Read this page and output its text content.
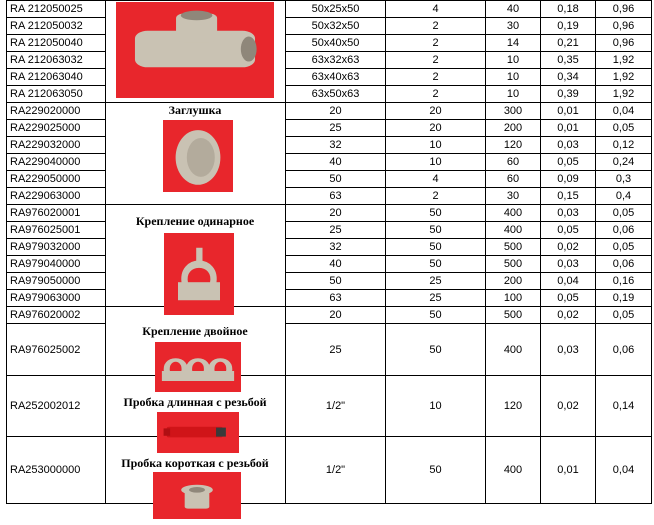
RA 212050025	50x25x50	4	40	0,18	0,96
RA 212050032	50x32x50	2	30	0,19	0,96
RA 212050040	50x40x50	2	14	0,21	0,96
RA 212063032	63x32x63	2	10	0,35	1,92
RA 212063040	63x40x63	2	10	0,34	1,92
RA 212063050	63x50x63	2	10	0,39	1,92
RA229020000	20	20	300	0,01	0,04
RA229025000	25	20	200	0,01	0,05
RA229032000	32	10	120	0,03	0,12
RA229040000	40	10	60	0,05	0,24
RA229050000	50	4	60	0,09	0,3
RA229063000	63	2	30	0,15	0,4
RA976020001	20	50	400	0,03	0,05
RA976025001	25	50	400	0,05	0,06
RA979032000	32	50	500	0,02	0,05
RA979040000	40	50	500	0,03	0,06
RA979050000	50	25	200	0,04	0,16
RA979063000	63	25	100	0,05	0,19
RA976020002	20	50	500	0,02	0,05
RA976025002	25	50	400	0,03	0,06
RA252002012	1/2"	10	120	0,02	0,14
RA253000000	1/2"	50	400	0,01	0,04
Заглушка
Крепление одинарное
Крепление двойное
Пробка длинная с резьбой
Пробка короткая с резьбой
